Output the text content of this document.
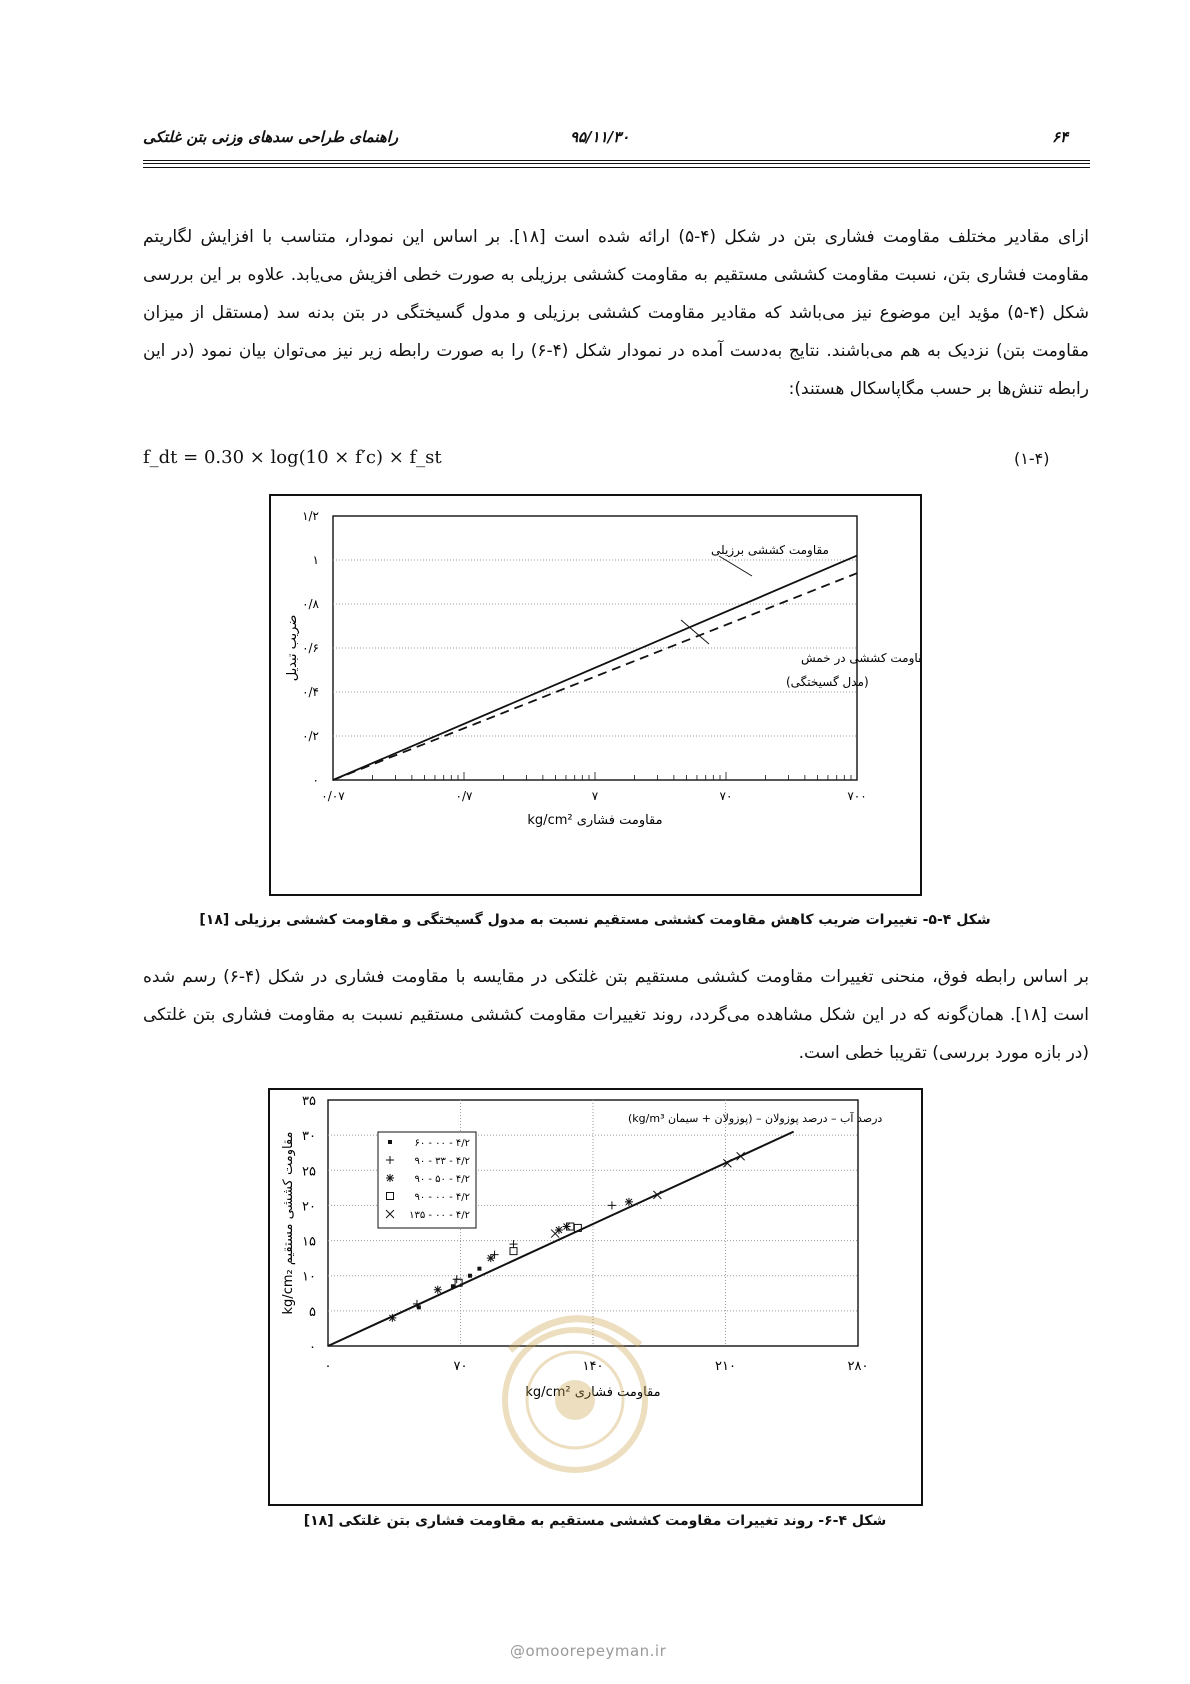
۶۴
۹۵/۱۱/۳۰
راهنمای طراحی سدهای وزنی بتن غلتکی

ازای مقادیر مختلف مقاومت فشاری بتن در شکل (۴-۵) ارائه شده است [۱۸]. بر اساس این نمودار، متناسب با افزایش لگاریتم مقاومت فشاری بتن، نسبت مقاومت کششی مستقیم به مقاومت کششی برزیلی به صورت خطی افزیش می‌یابد. علاوه بر این بررسی شکل (۴-۵) مؤید این موضوع نیز می‌باشد که مقادیر مقاومت کششی برزیلی و مدول گسیختگی در بتن بدنه سد (مستقل از میزان مقاومت بتن) نزدیک به هم می‌باشند. نتایج به‌دست آمده در نمودار شکل (۴-۶) را به صورت رابطه زیر نیز می‌توان بیان نمود (در این رابطه تنش‌ها بر حسب مگاپاسکال هستند):

f_dt = 0.30 × log(10 × f′c) × f_st	(۱-۴)
۰
۰/۲
۰/۴
۰/۶
۰/۸
۱
۱/۲
۰/۰۷	۰/۷	۷	۷۰	۷۰۰
مقاومت فشاری kg/cm²
ضریب تبدیل
مقاومت کششی برزیلی
مقاومت کششی در خمش
(مدل گسیختگی)
شکل ۴-۵- تغییرات ضریب کاهش مقاومت کششی مستقیم نسبت به مدول گسیختگی و مقاومت کششی برزیلی [۱۸]

بر اساس رابطه فوق، منحنی تغییرات مقاومت کششی مستقیم بتن غلتکی در مقایسه با مقاومت فشاری در شکل (۴-۶) رسم شده است [۱۸]. همان‌گونه که در این شکل مشاهده می‌گردد، روند تغییرات مقاومت کششی مستقیم نسبت به مقاومت فشاری بتن غلتکی (در بازه مورد بررسی) تقریبا خطی است.

۰
۵
۱۰
۱۵
۲۰
۲۵
۳۰
۳۵
۰	۷۰	۱۴۰	۲۱۰	۲۸۰
مقاومت فشاری kg/cm²
مقاومت کششی مستقیم kg/cm₂
درصد آب – درصد پوزولان – (پوزولان + سیمان kg/m³)
۶۰ - ۰۰ - ۴/۲
۹۰ - ۳۳ - ۴/۲
۹۰ - ۵۰ - ۴/۲
۹۰ - ۰۰ - ۴/۲
۱۳۵ - ۰۰ - ۴/۲
شکل ۴-۶- روند تغییرات مقاومت کششی مستقیم به مقاومت فشاری بتن غلتکی [۱۸]
@omoorepeyman.ir
